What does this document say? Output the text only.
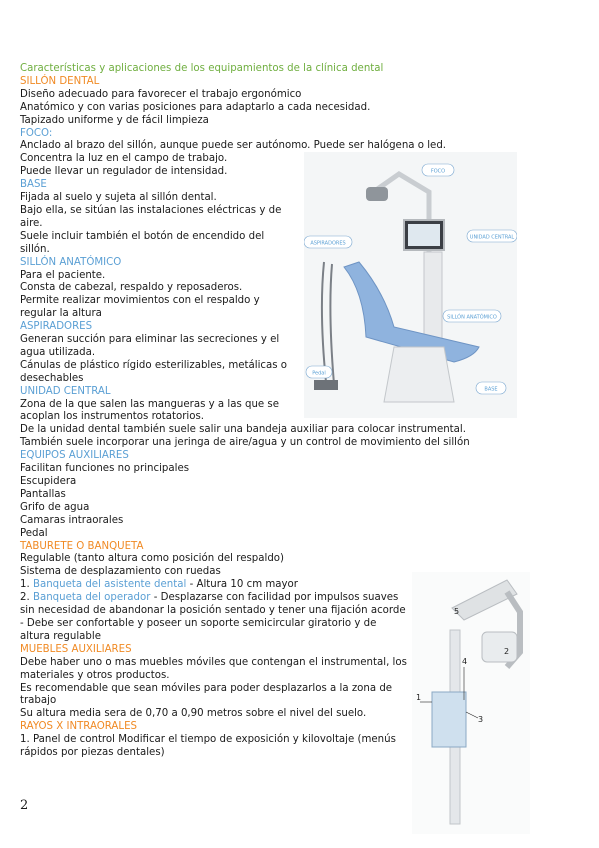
Características y aplicaciones de los equipamientos de la clínica dental
SILLÓN DENTAL
Diseño adecuado para favorecer el trabajo ergonómico
Anatómico y con varias posiciones para adaptarlo a cada necesidad.
Tapizado uniforme y de fácil limpieza
FOCO:
Anclado al brazo del sillón, aunque puede ser autónomo. Puede ser halógena o led.
Concentra la luz en el campo de trabajo.
Puede llevar un regulador de intensidad.
BASE
Fijada al suelo y sujeta al sillón dental.
Bajo ella, se sitúan las instalaciones eléctricas y de aire.
Suele incluir también el botón de encendido del sillón.
SILLÓN ANATÓMICO
Para el paciente.
Consta de cabezal, respaldo y reposaderos.
Permite realizar movimientos con el respaldo y regular la altura
ASPIRADORES
Generan succión para eliminar las secreciones y el agua utilizada.
Cánulas de plástico rígido esterilizables, metálicas o desechables
UNIDAD CENTRAL
Zona de la que salen las mangueras y a las que se acoplan los instrumentos rotatorios.
De la unidad dental también suele salir una bandeja auxiliar para colocar instrumental.
También suele incorporar una jeringa de aire/agua y un control de movimiento del sillón
EQUIPOS AUXILIARES
Facilitan funciones no principales
Escupidera
Pantallas
Grifo de agua
Camaras intraorales
Pedal
TABURETE O BANQUETA
Regulable (tanto altura como posición del respaldo)
Sistema de desplazamiento con ruedas
1. Banqueta del asistente dental - Altura 10 cm mayor
2. Banqueta del operador - Desplazarse con facilidad por impulsos suaves sin necesidad de abandonar la posición sentado y tener una fijación acorde
- Debe ser confortable y poseer un soporte semicircular giratorio y de altura regulable
MUEBLES AUXILIARES
Debe haber uno o mas muebles móviles que contengan el instrumental, los materiales y otros productos.
Es recomendable que sean móviles para poder desplazarlos a la zona de trabajo
Su altura media sera de 0,70 a 0,90 metros sobre el nivel del suelo.
RAYOS X INTRAORALES
1. Panel de control Modificar el tiempo de exposición y kilovoltaje (menús rápidos por piezas dentales)
FOCO
ASPIRADORES
UNIDAD CENTRAL
SILLÓN ANATÓMICO
Pedal
BASE
1
2
3
4
5
2
